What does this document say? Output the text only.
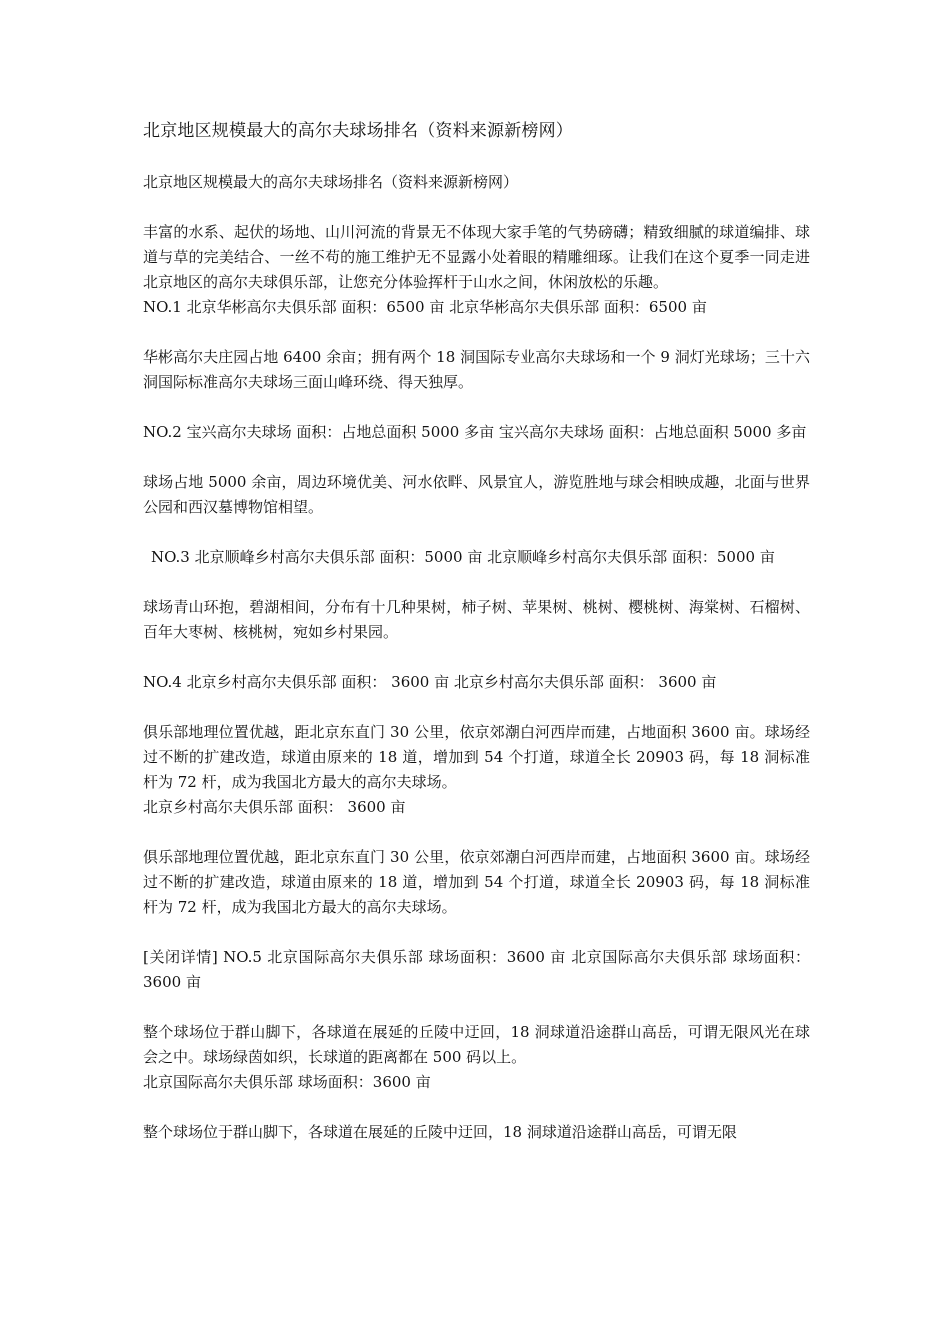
北京地区规模最大的高尔夫球场排名（资料来源新榜网）
北京地区规模最大的高尔夫球场排名（资料来源新榜网）
丰富的水系、起伏的场地、山川河流的背景无不体现大家手笔的气势磅礴；精致细腻的球道编排、球道与草的完美结合、一丝不苟的施工维护无不显露小处着眼的精雕细琢。让我们在这个夏季一同走进北京地区的高尔夫球俱乐部，让您充分体验挥杆于山水之间，休闲放松的乐趣。
NO.1 北京华彬高尔夫俱乐部 面积：6500 亩 北京华彬高尔夫俱乐部 面积：6500 亩
华彬高尔夫庄园占地 6400 余亩；拥有两个 18 洞国际专业高尔夫球场和一个 9 洞灯光球场；三十六洞国际标准高尔夫球场三面山峰环绕、得天独厚。
NO.2 宝兴高尔夫球场 面积：占地总面积 5000 多亩 宝兴高尔夫球场 面积：占地总面积 5000 多亩
球场占地 5000 余亩，周边环境优美、河水依畔、风景宜人，游览胜地与球会相映成趣，北面与世界公园和西汉墓博物馆相望。
NO.3 北京顺峰乡村高尔夫俱乐部 面积：5000 亩 北京顺峰乡村高尔夫俱乐部 面积：5000 亩
球场青山环抱，碧湖相间，分布有十几种果树，柿子树、苹果树、桃树、樱桃树、海棠树、石榴树、百年大枣树、核桃树，宛如乡村果园。
NO.4 北京乡村高尔夫俱乐部 面积： 3600 亩 北京乡村高尔夫俱乐部 面积： 3600 亩
俱乐部地理位置优越，距北京东直门 30 公里，依京郊潮白河西岸而建，占地面积 3600 亩。球场经过不断的扩建改造，球道由原来的 18 道，增加到 54 个打道，球道全长 20903 码，每 18 洞标准杆为 72 杆，成为我国北方最大的高尔夫球场。
北京乡村高尔夫俱乐部 面积： 3600 亩
俱乐部地理位置优越，距北京东直门 30 公里，依京郊潮白河西岸而建，占地面积 3600 亩。球场经过不断的扩建改造，球道由原来的 18 道，增加到 54 个打道，球道全长 20903 码，每 18 洞标准杆为 72 杆，成为我国北方最大的高尔夫球场。
[关闭详情] NO.5 北京国际高尔夫俱乐部 球场面积：3600 亩 北京国际高尔夫俱乐部 球场面积：3600 亩
整个球场位于群山脚下，各球道在展延的丘陵中迂回，18 洞球道沿途群山高岳，可谓无限风光在球会之中。球场绿茵如织，长球道的距离都在 500 码以上。
北京国际高尔夫俱乐部 球场面积：3600 亩
整个球场位于群山脚下，各球道在展延的丘陵中迂回，18 洞球道沿途群山高岳，可谓无限
